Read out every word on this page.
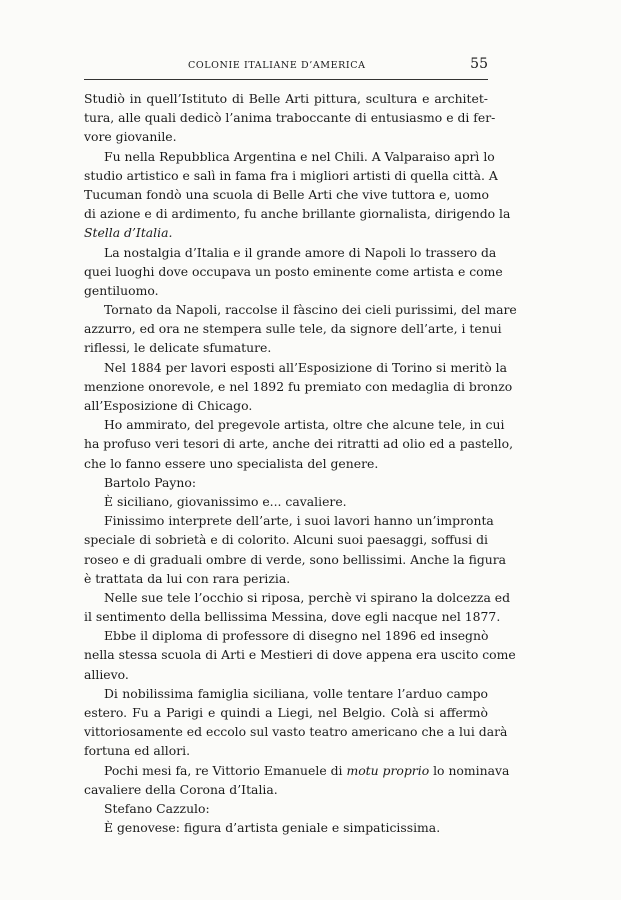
COLONIE ITALIANE D’AMERICA	55
Studiò in quell’Istituto di Belle Arti pittura, scultura e architet-
tura, alle quali dedicò l’anima traboccante di entusiasmo e di fer-
vore giovanile.
Fu nella Repubblica Argentina e nel Chili. A Valparaiso aprì lo
studio artistico e salì in fama fra i migliori artisti di quella città. A
Tucuman fondò una scuola di Belle Arti che vive tuttora e, uomo
di azione e di ardimento, fu anche brillante giornalista, dirigendo la
Stella d’Italia.
La nostalgia d’Italia e il grande amore di Napoli lo trassero da
quei luoghi dove occupava un posto eminente come artista e come
gentiluomo.
Tornato da Napoli, raccolse il fàscino dei cieli purissimi, del mare
azzurro, ed ora ne stempera sulle tele, da signore dell’arte, i tenui
riflessi, le delicate sfumature.
Nel 1884 per lavori esposti all’Esposizione di Torino si meritò la
menzione onorevole, e nel 1892 fu premiato con medaglia di bronzo
all’Esposizione di Chicago.
Ho ammirato, del pregevole artista, oltre che alcune tele, in cui
ha profuso veri tesori di arte, anche dei ritratti ad olio ed a pastello,
che lo fanno essere uno specialista del genere.
Bartolo Payno:
È siciliano, giovanissimo e... cavaliere.
Finissimo interprete dell’arte, i suoi lavori hanno un’impronta
speciale di sobrietà e di colorito. Alcuni suoi paesaggi, soffusi di
roseo e di graduali ombre di verde, sono bellissimi. Anche la figura
è trattata da lui con rara perizia.
Nelle sue tele l’occhio si riposa, perchè vi spirano la dolcezza ed
il sentimento della bellissima Messina, dove egli nacque nel 1877.
Ebbe il diploma di professore di disegno nel 1896 ed insegnò
nella stessa scuola di Arti e Mestieri di dove appena era uscito come
allievo.
Di nobilissima famiglia siciliana, volle tentare l’arduo campo
estero. Fu a Parigi e quindi a Liegi, nel Belgio. Colà si affermò
vittoriosamente ed eccolo sul vasto teatro americano che a lui darà
fortuna ed allori.
Pochi mesi fa, re Vittorio Emanuele di motu proprio lo nominava
cavaliere della Corona d’Italia.
Stefano Cazzulo:
È genovese: figura d’artista geniale e simpaticissima.
